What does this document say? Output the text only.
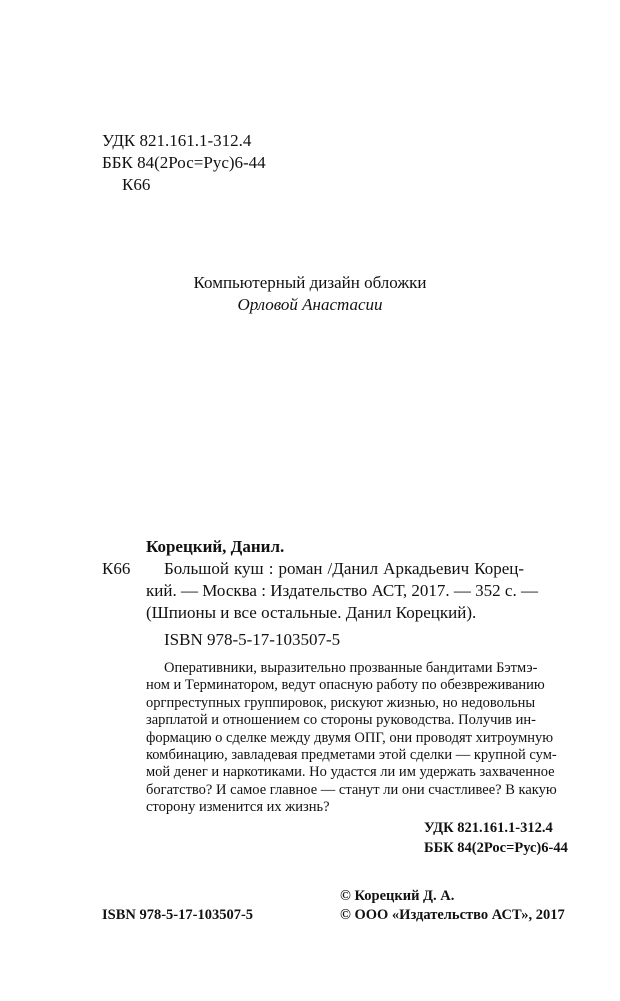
УДК 821.161.1-312.4
ББК 84(2Рос=Рус)6-44
К66
Компьютерный дизайн обложки
Орловой Анастасии
Корецкий, Данил.
К66 Большой куш : роман /Данил Аркадьевич Корец-
кий. — Москва : Издательство АСТ, 2017. — 352 с. —
(Шпионы и все остальные. Данил Корецкий).
ISBN 978-5-17-103507-5
Оперативники, выразительно прозванные бандитами Бэтмэ-
ном и Терминатором, ведут опасную работу по обезвреживанию
оргпреступных группировок, рискуют жизнью, но недовольны
зарплатой и отношением со стороны руководства. Получив ин-
формацию о сделке между двумя ОПГ, они проводят хитроумную
комбинацию, завладевая предметами этой сделки — крупной сум-
мой денег и наркотиками. Но удастся ли им удержать захваченное
богатство? И самое главное — станут ли они счастливее? В какую
сторону изменится их жизнь?
УДК 821.161.1-312.4
ББК 84(2Рос=Рус)6-44
© Корецкий Д. А.
ISBN 978-5-17-103507-5	© ООО «Издательство АСТ», 2017
